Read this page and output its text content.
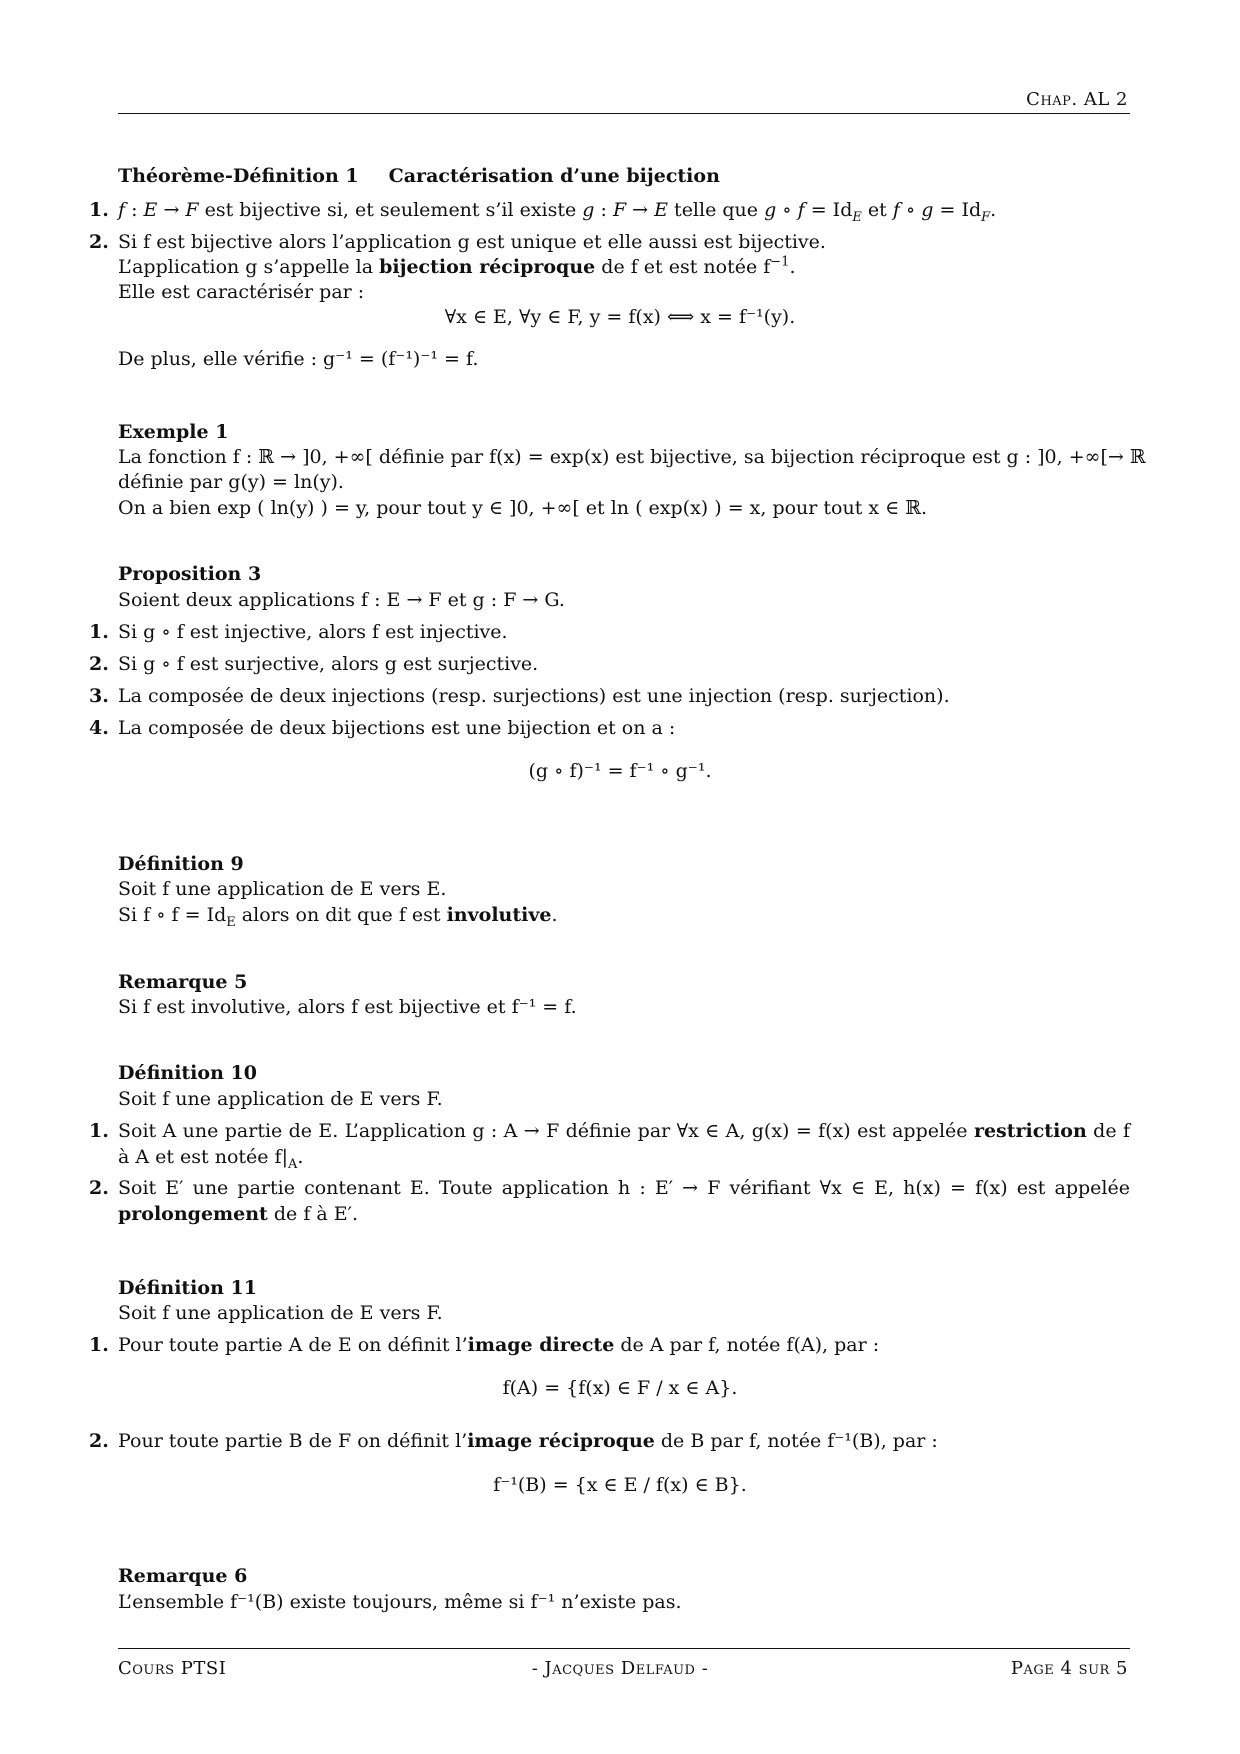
Chap. AL 2
Théorème-Définition 1 Caractérisation d’une bijection
1. f : E → F est bijective si, et seulement s’il existe g : F → E telle que g ∘ $f = Id_E$ et f ∘ $g = Id_F$.
2. Si f est bijective alors l’application g est unique et elle aussi est bijective.
L’application g s’appelle la bijection réciproque de f et est notée $f^{-1}$.
Elle est caractérisér par :
∀x ∈ E, ∀y ∈ F, y = f(x) ⟺ x = f⁻¹(y).
De plus, elle vérifie : g⁻¹ = (f⁻¹)⁻¹ = f.
Exemple 1
La fonction f : ℝ → ]0, +∞[ définie par f(x) = exp(x) est bijective, sa bijection réciproque est g : ]0, +∞[→ ℝ
définie par g(y) = ln(y).
On a bien exp ( ln(y) ) = y, pour tout y ∈ ]0, +∞[ et ln ( exp(x) ) = x, pour tout x ∈ ℝ.
Proposition 3
Soient deux applications f : E → F et g : F → G.
1. Si g ∘ f est injective, alors f est injective.
2. Si g ∘ f est surjective, alors g est surjective.
3. La composée de deux injections (resp. surjections) est une injection (resp. surjection).
4. La composée de deux bijections est une bijection et on a :
(g ∘ f)⁻¹ = f⁻¹ ∘ g⁻¹.
Définition 9
Soit f une application de E vers E.
Si f ∘ $f = Id_E$ alors on dit que f est involutive.
Remarque 5
Si f est involutive, alors f est bijective et f⁻¹ = f.
Définition 10
Soit f une application de E vers F.
1. Soit A une partie de E. L’application g : A → F définie par ∀x ∈ A, g(x) = f(x) est appelée restriction de f
à A et est notée $f|_A$.
2. Soit E′ une partie contenant E. Toute application h : E′ → F vérifiant ∀x ∈ E, h(x) = f(x) est appelée
prolongement de f à E′.
Définition 11
Soit f une application de E vers F.
1. Pour toute partie A de E on définit l’image directe de A par f, notée f(A), par :
f(A) = {f(x) ∈ F / x ∈ A}.
2. Pour toute partie B de F on définit l’image réciproque de B par f, notée f⁻¹(B), par :
f⁻¹(B) = {x ∈ E / f(x) ∈ B}.
Remarque 6
L’ensemble f⁻¹(B) existe toujours, même si f⁻¹ n’existe pas.
Cours PTSI	- Jacques Delfaud -	Page 4 sur 5
